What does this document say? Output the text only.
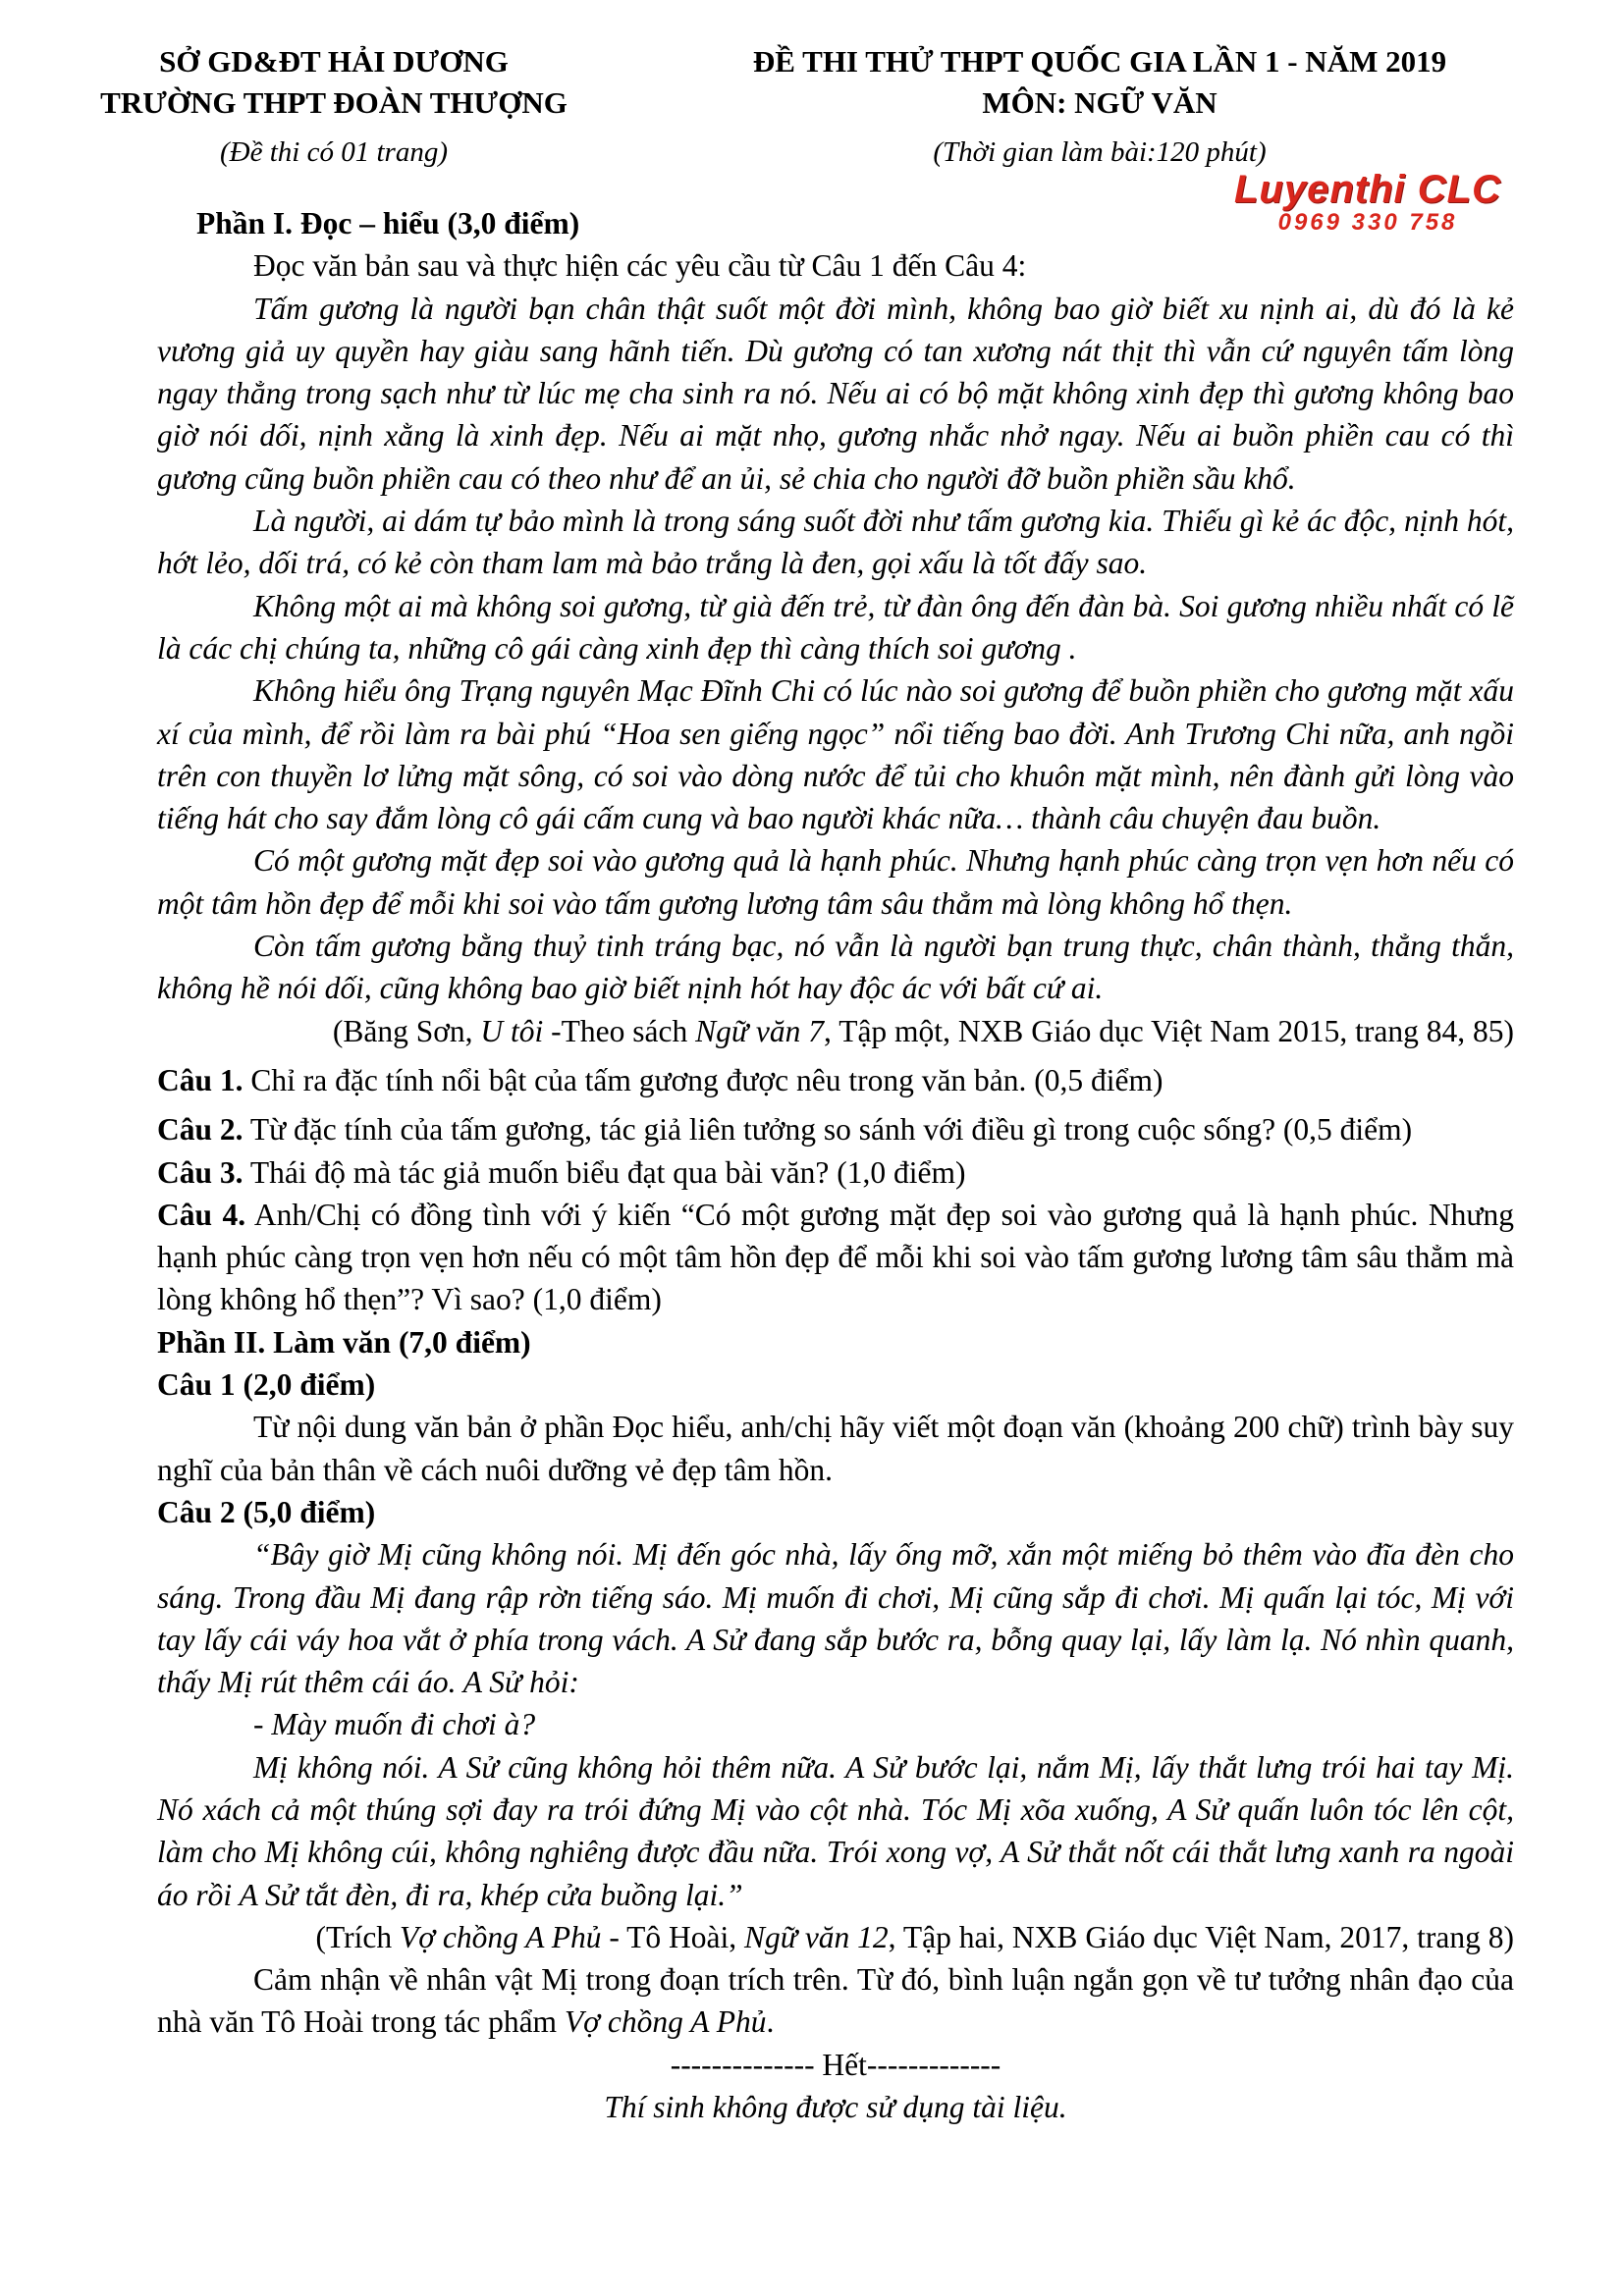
SỞ GD&ĐT HẢI DƯƠNG
TRƯỜNG THPT ĐOÀN THƯỢNG
(Đề thi có 01 trang)
ĐỀ THI THỬ THPT QUỐC GIA LẦN 1 - NĂM 2019
MÔN: NGỮ VĂN
(Thời gian làm bài:120 phút)
Luyenthi CLC
0969 330 758

Phần I. Đọc – hiểu (3,0 điểm)

Đọc văn bản sau và thực hiện các yêu cầu từ Câu 1 đến Câu 4:

Tấm gương là người bạn chân thật suốt một đời mình, không bao giờ biết xu nịnh ai, dù đó là kẻ vương giả uy quyền hay giàu sang hãnh tiến. Dù gương có tan xương nát thịt thì vẫn cứ nguyên tấm lòng ngay thẳng trong sạch như từ lúc mẹ cha sinh ra nó. Nếu ai có bộ mặt không xinh đẹp thì gương không bao giờ nói dối, nịnh xằng là xinh đẹp. Nếu ai mặt nhọ, gương nhắc nhở ngay. Nếu ai buồn phiền cau có thì gương cũng buồn phiền cau có theo như để an ủi, sẻ chia cho người đỡ buồn phiền sầu khổ.

Là người, ai dám tự bảo mình là trong sáng suốt đời như tấm gương kia. Thiếu gì kẻ ác độc, nịnh hót, hớt lẻo, dối trá, có kẻ còn tham lam mà bảo trắng là đen, gọi xấu là tốt đấy sao.

Không một ai mà không soi gương, từ già đến trẻ, từ đàn ông đến đàn bà. Soi gương nhiều nhất có lẽ là các chị chúng ta, những cô gái càng xinh đẹp thì càng thích soi gương .

Không hiểu ông Trạng nguyên Mạc Đĩnh Chi có lúc nào soi gương để buồn phiền cho gương mặt xấu xí của mình, để rồi làm ra bài phú “Hoa sen giếng ngọc” nổi tiếng bao đời. Anh Trương Chi nữa, anh ngồi trên con thuyền lơ lửng mặt sông, có soi vào dòng nước để tủi cho khuôn mặt mình, nên đành gửi lòng vào tiếng hát cho say đắm lòng cô gái cấm cung và bao người khác nữa… thành câu chuyện đau buồn.

Có một gương mặt đẹp soi vào gương quả là hạnh phúc. Nhưng hạnh phúc càng trọn vẹn hơn nếu có một tâm hồn đẹp để mỗi khi soi vào tấm gương lương tâm sâu thẳm mà lòng không hổ thẹn.

Còn tấm gương bằng thuỷ tinh tráng bạc, nó vẫn là người bạn trung thực, chân thành, thẳng thắn, không hề nói dối, cũng không bao giờ biết nịnh hót hay độc ác với bất cứ ai.

(Băng Sơn, U tôi -Theo sách Ngữ văn 7, Tập một, NXB Giáo dục Việt Nam 2015, trang 84, 85)

Câu 1. Chỉ ra đặc tính nổi bật của tấm gương được nêu trong văn bản. (0,5 điểm)

Câu 2. Từ đặc tính của tấm gương, tác giả liên tưởng so sánh với điều gì trong cuộc sống? (0,5 điểm)

Câu 3. Thái độ mà tác giả muốn biểu đạt qua bài văn? (1,0 điểm)

Câu 4. Anh/Chị có đồng tình với ý kiến “Có một gương mặt đẹp soi vào gương quả là hạnh phúc. Nhưng hạnh phúc càng trọn vẹn hơn nếu có một tâm hồn đẹp để mỗi khi soi vào tấm gương lương tâm sâu thẳm mà lòng không hổ thẹn”? Vì sao? (1,0 điểm)

Phần II. Làm văn (7,0 điểm)

Câu 1 (2,0 điểm)

Từ nội dung văn bản ở phần Đọc hiểu, anh/chị hãy viết một đoạn văn (khoảng 200 chữ) trình bày suy nghĩ của bản thân về cách nuôi dưỡng vẻ đẹp tâm hồn.

Câu 2 (5,0 điểm)

“Bây giờ Mị cũng không nói. Mị đến góc nhà, lấy ống mỡ, xắn một miếng bỏ thêm vào đĩa đèn cho sáng. Trong đầu Mị đang rập rờn tiếng sáo. Mị muốn đi chơi, Mị cũng sắp đi chơi. Mị quấn lại tóc, Mị với tay lấy cái váy hoa vắt ở phía trong vách. A Sử đang sắp bước ra, bỗng quay lại, lấy làm lạ. Nó nhìn quanh, thấy Mị rút thêm cái áo. A Sử hỏi:

- Mày muốn đi chơi à?

Mị không nói. A Sử cũng không hỏi thêm nữa. A Sử bước lại, nắm Mị, lấy thắt lưng trói hai tay Mị. Nó xách cả một thúng sợi đay ra trói đứng Mị vào cột nhà. Tóc Mị xõa xuống, A Sử quấn luôn tóc lên cột, làm cho Mị không cúi, không nghiêng được đầu nữa. Trói xong vợ, A Sử thắt nốt cái thắt lưng xanh ra ngoài áo rồi A Sử tắt đèn, đi ra, khép cửa buồng lại.”

(Trích Vợ chồng A Phủ - Tô Hoài, Ngữ văn 12, Tập hai, NXB Giáo dục Việt Nam, 2017, trang 8)

Cảm nhận về nhân vật Mị trong đoạn trích trên. Từ đó, bình luận ngắn gọn về tư tưởng nhân đạo của nhà văn Tô Hoài trong tác phẩm Vợ chồng A Phủ.

-------------- Hết-------------

Thí sinh không được sử dụng tài liệu.
